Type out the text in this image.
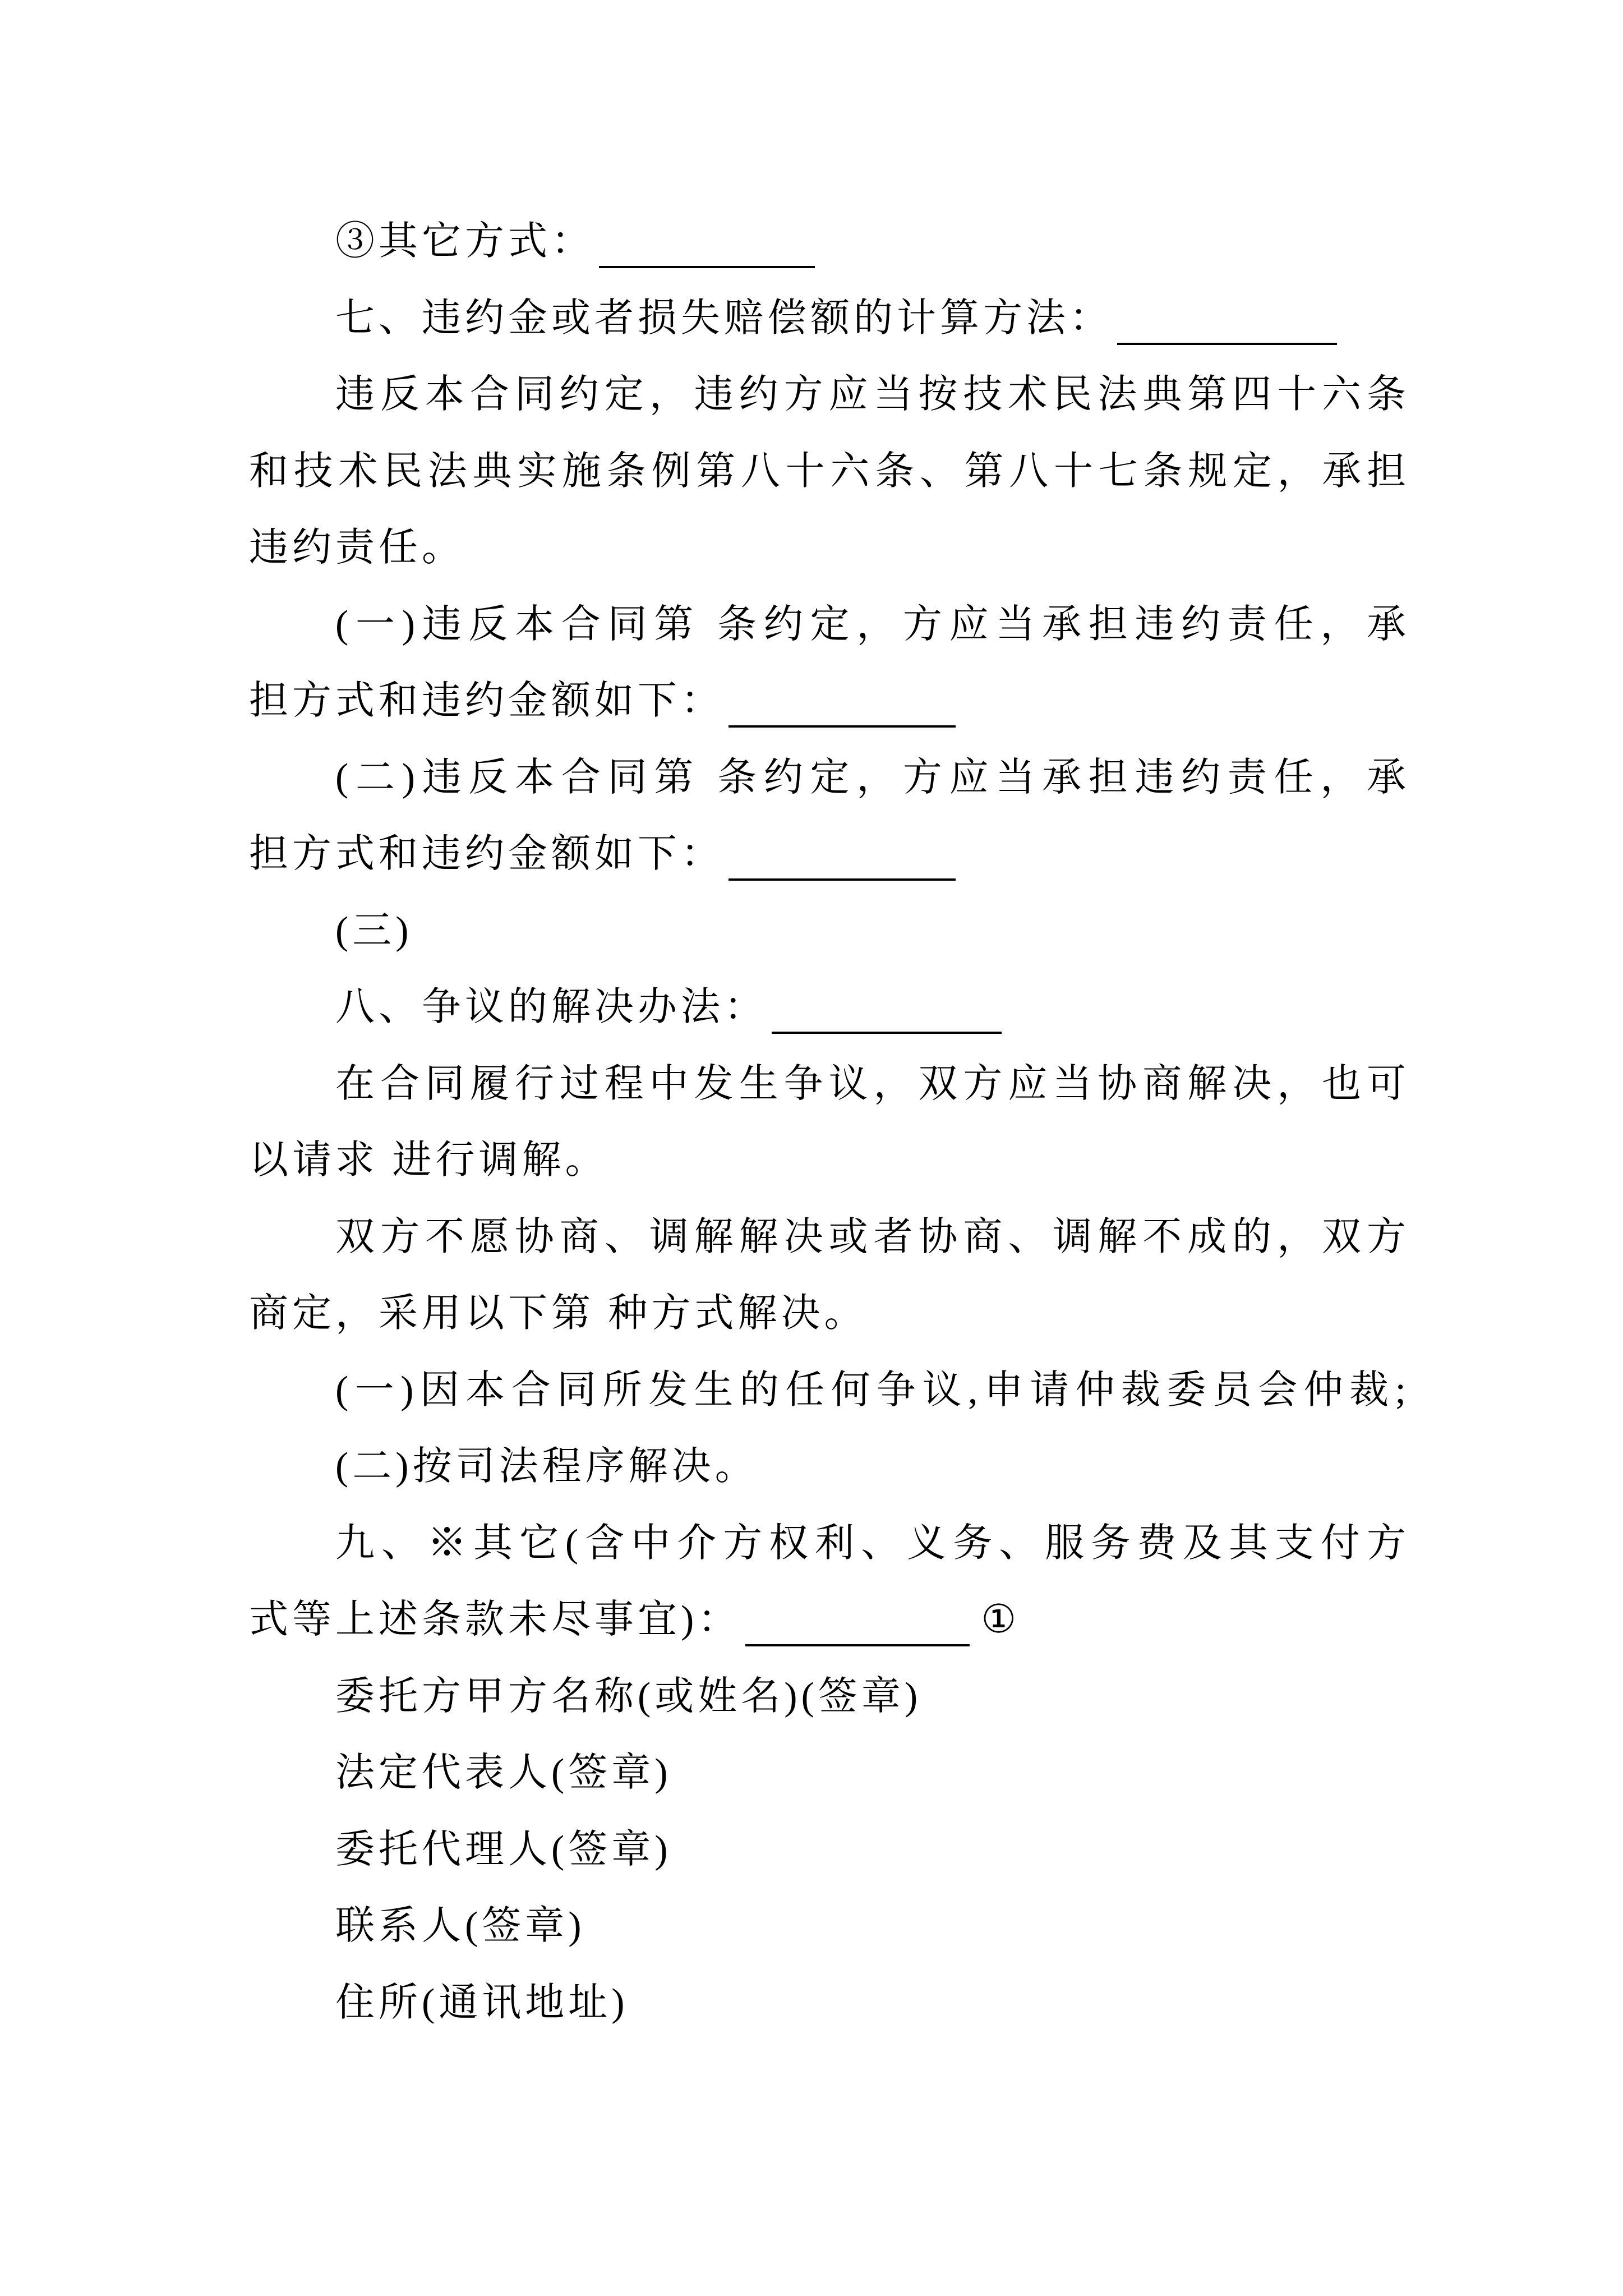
③其它方式：
七、违约金或者损失赔偿额的计算方法：
违反本合同约定，违约方应当按技术民法典第四十六条
和技术民法典实施条例第八十六条、第八十七条规定，承担
违约责任。
(一)违反本合同第 条约定，方应当承担违约责任，承
担方式和违约金额如下：
(二)违反本合同第 条约定，方应当承担违约责任，承
担方式和违约金额如下：
(三)
八、争议的解决办法：
在合同履行过程中发生争议，双方应当协商解决，也可
以请求 进行调解。
双方不愿协商、调解解决或者协商、调解不成的，双方
商定，采用以下第 种方式解决。
(一)因本合同所发生的任何争议,申请仲裁委员会仲裁;
(二)按司法程序解决。
九、※其它(含中介方权利、义务、服务费及其支付方
式等上述条款未尽事宜)：	①
委托方甲方名称(或姓名)(签章)
法定代表人(签章)
委托代理人(签章)
联系人(签章)
住所(通讯地址)
